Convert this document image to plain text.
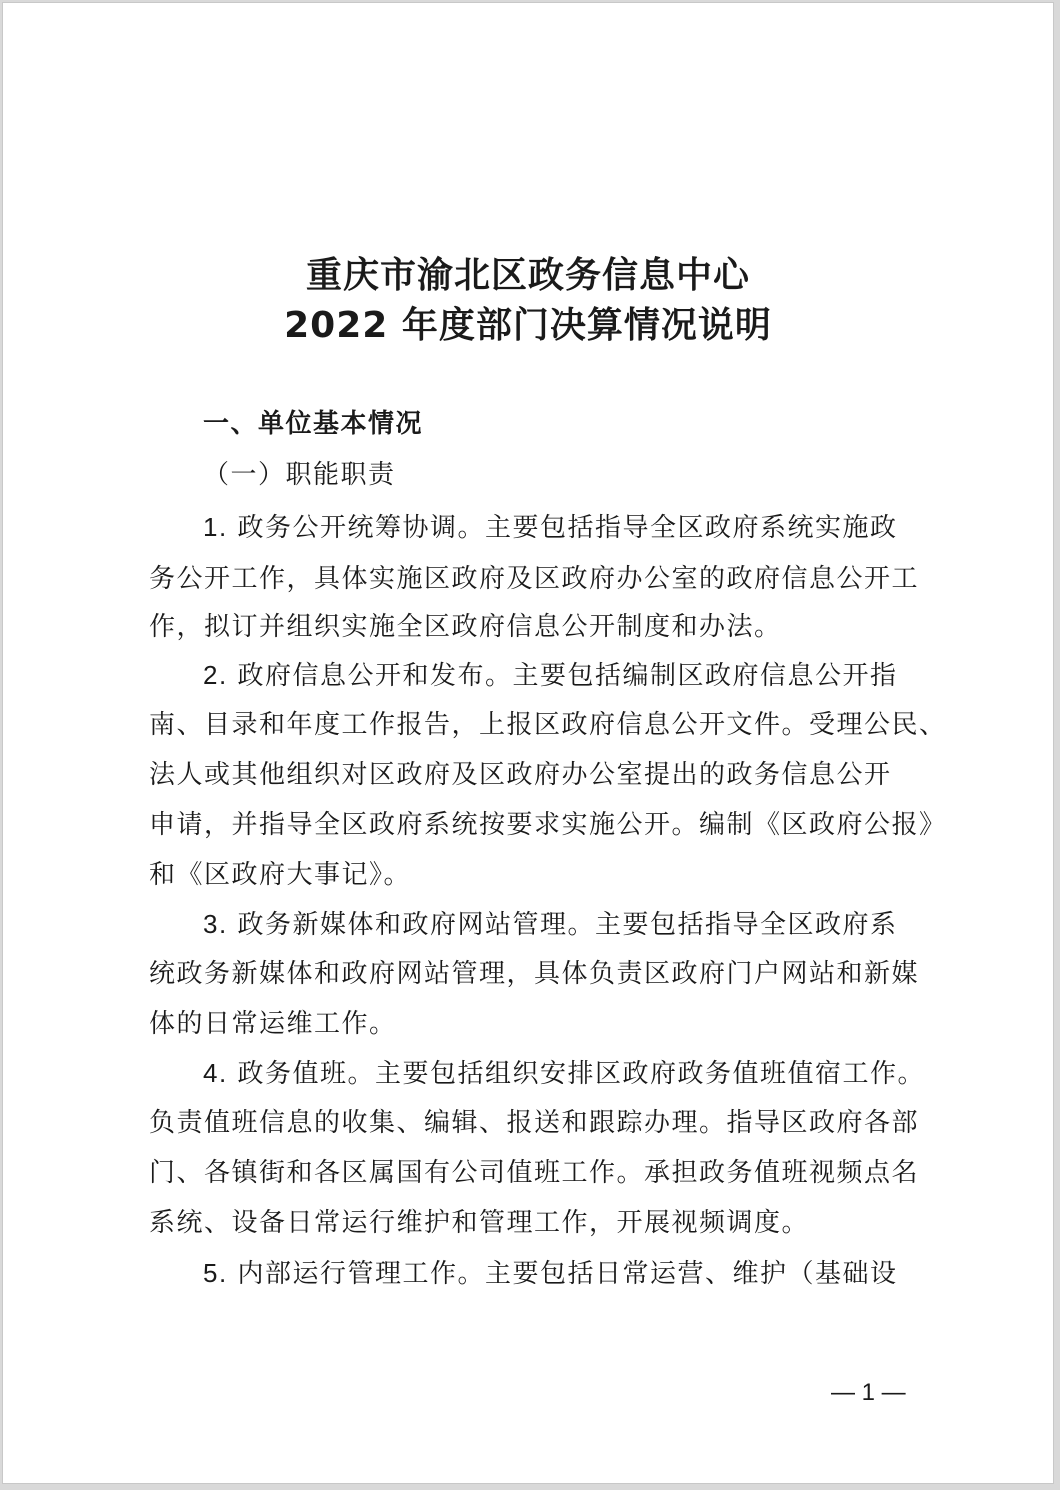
重庆市渝北区政务信息中心
2022 年度部门决算情况说明
一、单位基本情况
（一）职能职责
1. 政务公开统筹协调。主要包括指导全区政府系统实施政
务公开工作，具体实施区政府及区政府办公室的政府信息公开工
作，拟订并组织实施全区政府信息公开制度和办法。
2. 政府信息公开和发布。主要包括编制区政府信息公开指
南、目录和年度工作报告，上报区政府信息公开文件。受理公民、
法人或其他组织对区政府及区政府办公室提出的政务信息公开
申请，并指导全区政府系统按要求实施公开。编制《区政府公报》
和《区政府大事记》。
3. 政务新媒体和政府网站管理。主要包括指导全区政府系
统政务新媒体和政府网站管理，具体负责区政府门户网站和新媒
体的日常运维工作。
4. 政务值班。主要包括组织安排区政府政务值班值宿工作。
负责值班信息的收集、编辑、报送和跟踪办理。指导区政府各部
门、各镇街和各区属国有公司值班工作。承担政务值班视频点名
系统、设备日常运行维护和管理工作，开展视频调度。
5. 内部运行管理工作。主要包括日常运营、维护（基础设
— 1 —
